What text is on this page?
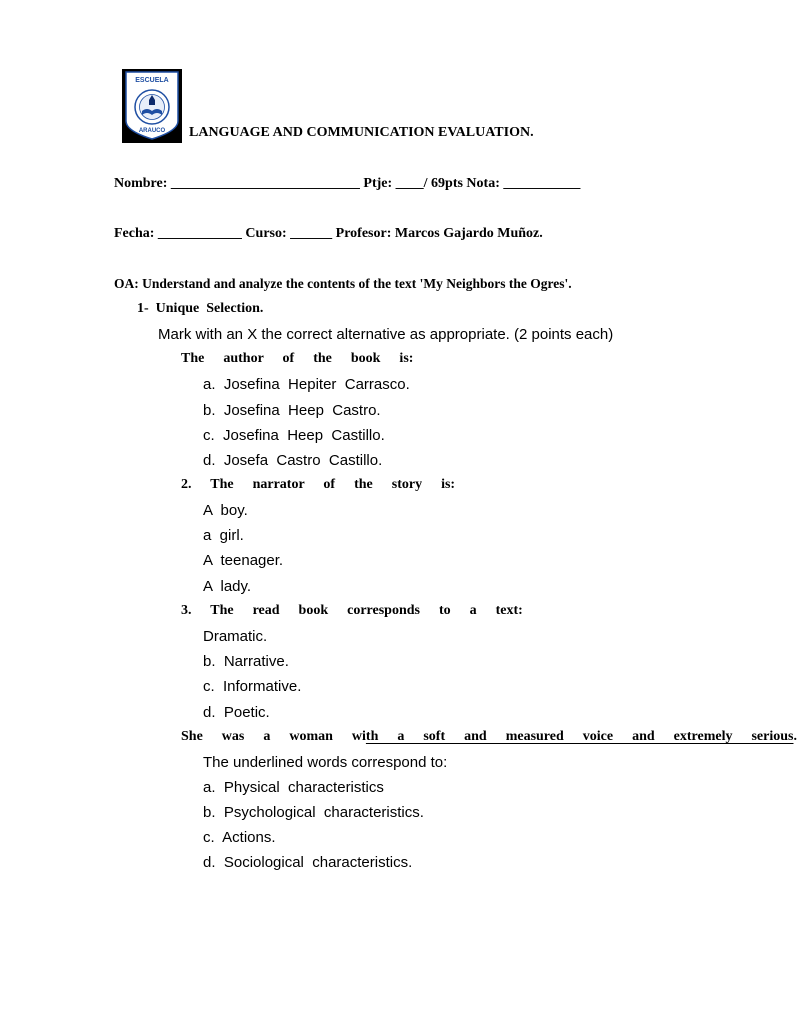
ESCUELA
ARAUCO LANGUAGE AND COMMUNICATION EVALUATION.
Nombre: ___________________________ Ptje: ____/ 69pts Nota: ___________
Fecha: ____________ Curso: ______ Profesor: Marcos Gajardo Muñoz.
OA: Understand and analyze the contents of the text 'My Neighbors the Ogres'.
1-  Unique  Selection.
Mark with an X the correct alternative as appropriate. (2 points each)
The  author  of  the  book  is:
a.  Josefina  Hepiter  Carrasco.
b.  Josefina  Heep  Castro.
c.  Josefina  Heep  Castillo.
d.  Josefa  Castro  Castillo.
2.  The  narrator  of  the  story  is:
A  boy.
a  girl.
A  teenager.
A  lady.
3.  The  read  book  corresponds  to  a  text:
Dramatic.
b.  Narrative.
c.  Informative.
d.  Poetic.
She  was  a  woman  with  a  soft  and  measured  voice  and  extremely  serious.
The underlined words correspond to:
a.  Physical  characteristics
b.  Psychological  characteristics.
c.  Actions.
d.  Sociological  characteristics.
